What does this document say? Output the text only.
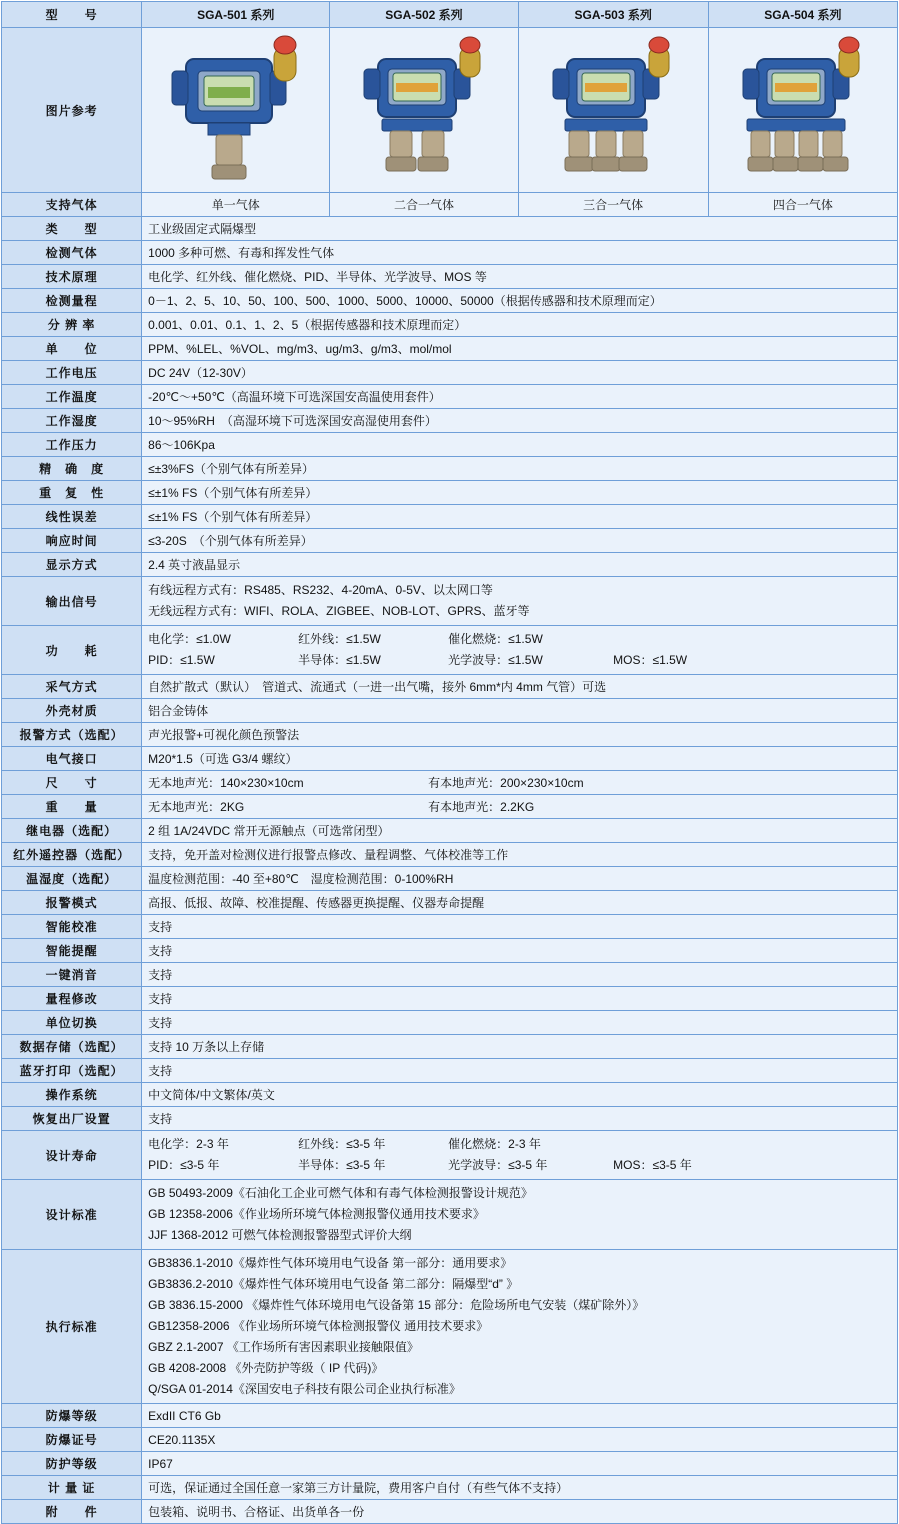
型　　号	SGA-501 系列	SGA-502 系列	SGA-503 系列	SGA-504 系列
图片参考	

支持气体	单一气体	二合一气体	三合一气体	四合一气体
类　　型	工业级固定式隔爆型			
检测气体	1000 多种可燃、有毒和挥发性气体			
技术原理	电化学、红外线、催化燃烧、PID、半导体、光学波导、MOS 等			
检测量程	0－1、2、5、10、50、100、500、1000、5000、10000、50000（根据传感器和技术原理而定）			
分 辨 率	0.001、0.01、0.1、1、2、5（根据传感器和技术原理而定）			
单　　位	PPM、%LEL、%VOL、mg/m3、ug/m3、g/m3、mol/mol			
工作电压	DC 24V（12-30V）			
工作温度	-20℃～+50℃（高温环境下可选深国安高温使用套件）			
工作湿度	10～95%RH　（高湿环境下可选深国安高湿使用套件）			
工作压力	86～106Kpa			
精　确　度	≤±3%FS（个别气体有所差异）			
重　复　性	≤±1% FS（个别气体有所差异）			
线性误差	≤±1% FS（个别气体有所差异）			
响应时间	≤3-20S　（个别气体有所差异）			
显示方式	2.4 英寸液晶显示			
输出信号	有线远程方式有：RS485、RS232、4-20mA、0-5V、以太网口等
无线远程方式有：WIFI、ROLA、ZIGBEE、NOB-LOT、GPRS、蓝牙等			

功　　耗	
电化学：≤1.0W	红外线：≤1.5W	催化燃烧：≤1.5W
PID：≤1.5W	半导体：≤1.5W	光学波导：≤1.5W	MOS：≤1.5W

采气方式	自然扩散式（默认）　管道式、流通式（一进一出气嘴，接外 6mm*内 4mm 气管）可选			
外壳材质	铝合金铸体			
报警方式（选配）	声光报警+可视化颜色预警法			
电气接口	M20*1.5（可选 G3/4 螺纹）			
尺　　寸	无本地声光：140×230×10cm 有本地声光：200×230×10cm			
重　　量	无本地声光：2KG 有本地声光：2.2KG			
继电器（选配）	2 组 1A/24VDC 常开无源触点（可选常闭型）			
红外遥控器（选配）	支持，免开盖对检测仪进行报警点修改、量程调整、气体校准等工作			
温湿度（选配）	温度检测范围：-40 至+80℃　湿度检测范围：0-100%RH			
报警模式	高报、低报、故障、校准提醒、传感器更换提醒、仪器寿命提醒			
智能校准	支持			
智能提醒	支持			
一键消音	支持			
量程修改	支持			
单位切换	支持			
数据存储（选配）	支持 10 万条以上存储			
蓝牙打印（选配）	支持			
操作系统	中文简体/中文繁体/英文			
恢复出厂设置	支持			
设计寿命	
电化学：2-3 年	红外线：≤3-5 年	催化燃烧：2-3 年
PID：≤3-5 年	半导体：≤3-5 年	光学波导：≤3-5 年	MOS：≤3-5 年

设计标准	GB 50493-2009《石油化工企业可燃气体和有毒气体检测报警设计规范》
GB 12358-2006《作业场所环境气体检测报警仪通用技术要求》
JJF 1368-2012 可燃气体检测报警器型式评价大纲			

执行标准	
GB3836.1-2010《爆炸性气体环境用电气设备 第一部分：通用要求》
GB3836.2-2010《爆炸性气体环境用电气设备 第二部分：隔爆型“d” 》
GB 3836.15-2000 《爆炸性气体环境用电气设备第 15 部分：危险场所电气安装（煤矿除外）》
GB12358-2006 《作业场所环境气体检测报警仪 通用技术要求》
GBZ 2.1-2007 《工作场所有害因素职业接触限值》
GB 4208-2008 《外壳防护等级（ IP 代码)》
Q/SGA 01-2014《深国安电子科技有限公司企业执行标准》

防爆等级	ExdII CT6 Gb			
防爆证号	CE20.1135X			
防护等级	IP67			
计 量 证	可选，保证通过全国任意一家第三方计量院，费用客户自付（有些气体不支持）			
附　　件	包装箱、说明书、合格证、出货单各一份			
